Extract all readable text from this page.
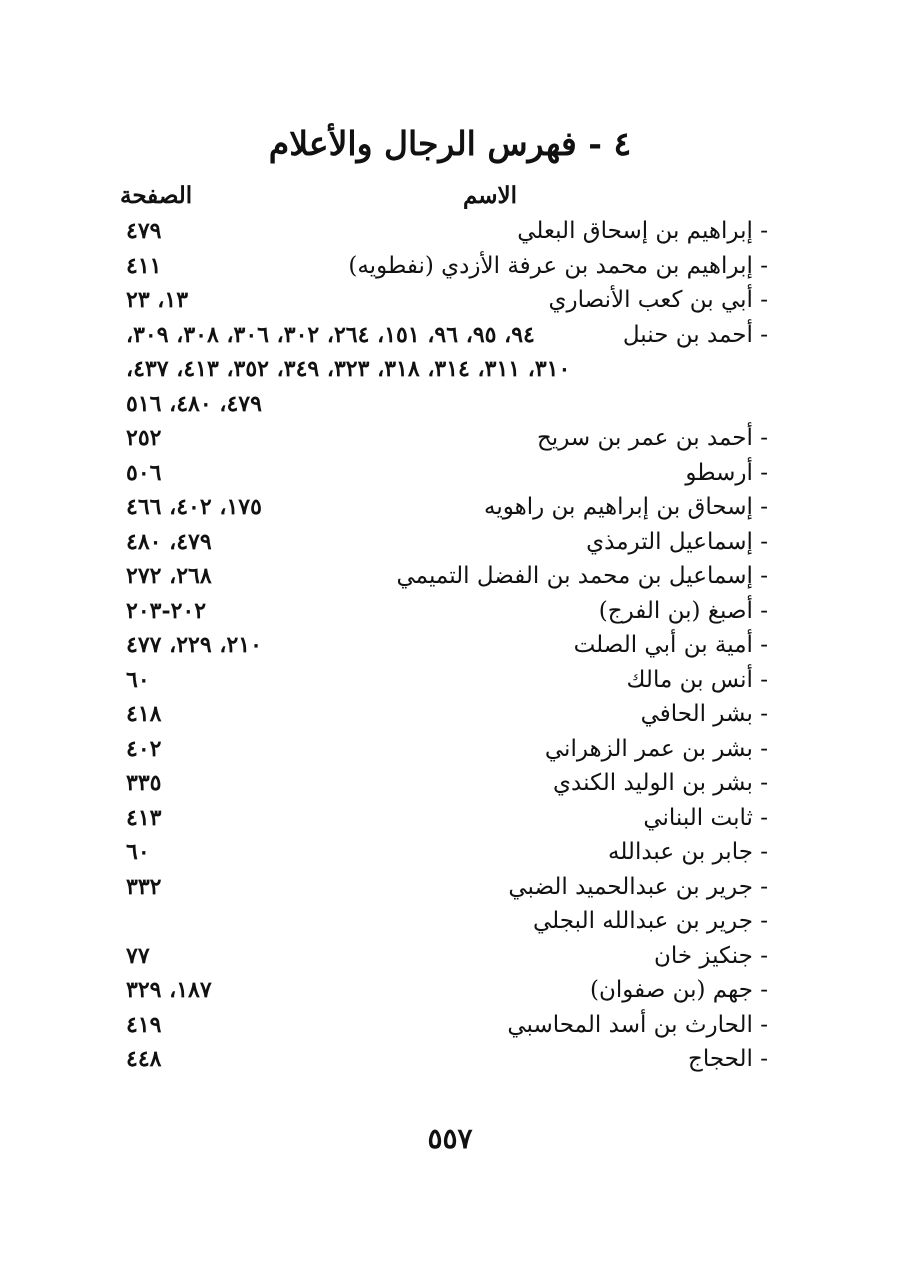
٤ - فهرس الرجال والأعلام
الاسم
الصفحة
- إبراهيم بن إسحاق البعلي
٤٧٩
- إبراهيم بن محمد بن عرفة الأزدي (نفطويه)
٤١١
- أبي بن كعب الأنصاري
١٣، ٢٣
- أحمد بن حنبل
٩٤، ٩٥، ٩٦، ١٥١، ٢٦٤، ٣٠٢، ٣٠٦، ٣٠٨، ٣٠٩،
٣١٠، ٣١١، ٣١٤، ٣١٨، ٣٢٣، ٣٤٩، ٣٥٢، ٤١٣، ٤٣٧،
٤٧٩، ٤٨٠، ٥١٦
- أحمد بن عمر بن سريح
٢٥٢
- أرسطو
٥٠٦
- إسحاق بن إبراهيم بن راهويه
١٧٥، ٤٠٢، ٤٦٦
- إسماعيل الترمذي
٤٧٩، ٤٨٠
- إسماعيل بن محمد بن الفضل التميمي
٢٦٨، ٢٧٢
- أصبغ (بن الفرج)
٢٠٢-٢٠٣
- أمية بن أبي الصلت
٢١٠، ٢٢٩، ٤٧٧
- أنس بن مالك
٦٠
- بشر الحافي
٤١٨
- بشر بن عمر الزهراني
٤٠٢
- بشر بن الوليد الكندي
٣٣٥
- ثابت البناني
٤١٣
- جابر بن عبدالله
٦٠
- جرير بن عبدالحميد الضبي
٣٣٢
- جرير بن عبدالله البجلي
- جنكيز خان
٧٧
- جهم (بن صفوان)
١٨٧، ٣٢٩
- الحارث بن أسد المحاسبي
٤١٩
- الحجاج
٤٤٨
٥٥٧
